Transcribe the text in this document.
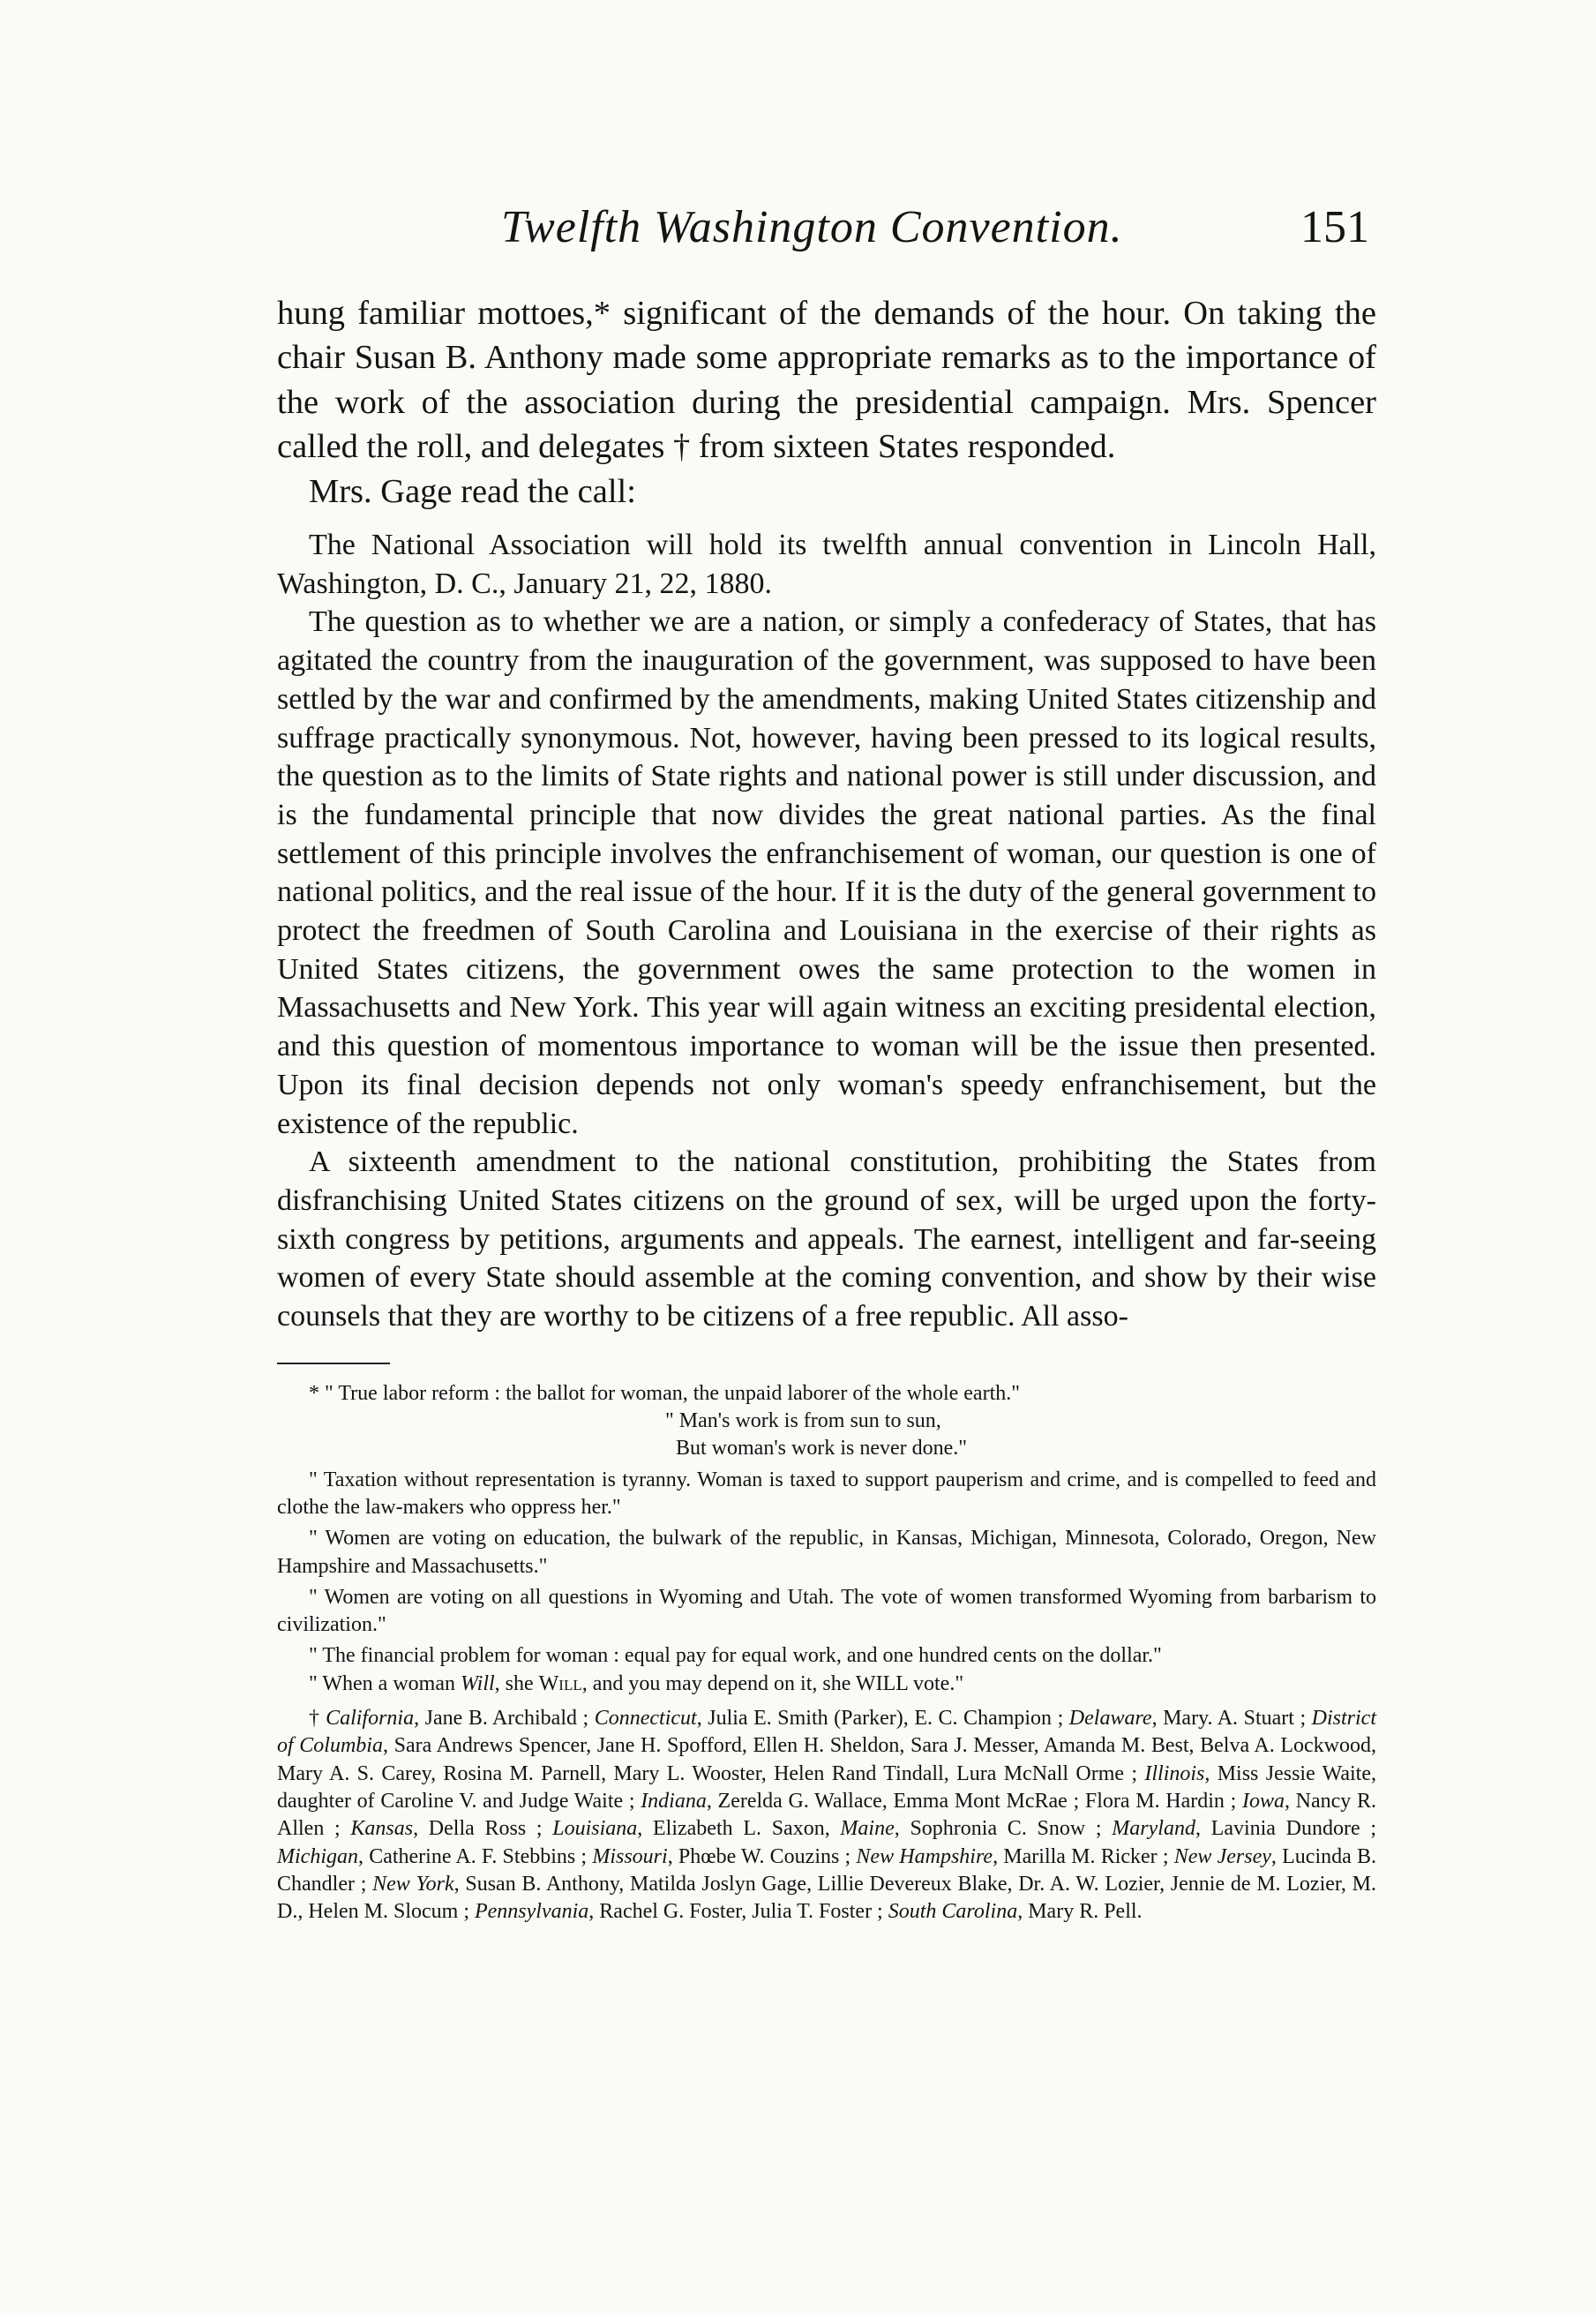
Twelfth Washington Convention.	151

hung familiar mottoes,* significant of the demands of the hour. On taking the chair Susan B. Anthony made some appropriate remarks as to the importance of the work of the association during the presidential campaign. Mrs. Spencer called the roll, and delegates † from sixteen States responded.

Mrs. Gage read the call:

The National Association will hold its twelfth annual convention in Lincoln Hall, Washington, D. C., January 21, 22, 1880.

The question as to whether we are a nation, or simply a confederacy of States, that has agitated the country from the inauguration of the government, was supposed to have been settled by the war and confirmed by the amendments, making United States citizenship and suffrage practically synonymous. Not, however, having been pressed to its logical results, the question as to the limits of State rights and national power is still under discussion, and is the fundamental principle that now divides the great national parties. As the final settlement of this principle involves the enfranchisement of woman, our question is one of national politics, and the real issue of the hour. If it is the duty of the general government to protect the freedmen of South Carolina and Louisiana in the exercise of their rights as United States citizens, the government owes the same protection to the women in Massachusetts and New York. This year will again witness an exciting presidental election, and this question of momentous importance to woman will be the issue then presented. Upon its final decision depends not only woman's speedy enfranchisement, but the existence of the republic.

A sixteenth amendment to the national constitution, prohibiting the States from disfranchising United States citizens on the ground of sex, will be urged upon the forty-sixth congress by petitions, arguments and appeals. The earnest, intelligent and far-seeing women of every State should assemble at the coming convention, and show by their wise counsels that they are worthy to be citizens of a free republic. All asso-

* " True labor reform : the ballot for woman, the unpaid laborer of the whole earth."

" Man's work is from sun to sun,

But woman's work is never done."

" Taxation without representation is tyranny. Woman is taxed to support pauperism and crime, and is compelled to feed and clothe the law-makers who oppress her."

" Women are voting on education, the bulwark of the republic, in Kansas, Michigan, Minnesota, Colorado, Oregon, New Hampshire and Massachusetts."

" Women are voting on all questions in Wyoming and Utah. The vote of women transformed Wyoming from barbarism to civilization."

" The financial problem for woman : equal pay for equal work, and one hundred cents on the dollar."

" When a woman Will, she Will, and you may depend on it, she WILL vote."

† California, Jane B. Archibald ; Connecticut, Julia E. Smith (Parker), E. C. Champion ; Delaware, Mary. A. Stuart ; District of Columbia, Sara Andrews Spencer, Jane H. Spofford, Ellen H. Sheldon, Sara J. Messer, Amanda M. Best, Belva A. Lockwood, Mary A. S. Carey, Rosina M. Parnell, Mary L. Wooster, Helen Rand Tindall, Lura McNall Orme ; Illinois, Miss Jessie Waite, daughter of Caroline V. and Judge Waite ; Indiana, Zerelda G. Wallace, Emma Mont McRae ; Flora M. Hardin ; Iowa, Nancy R. Allen ; Kansas, Della Ross ; Louisiana, Elizabeth L. Saxon, Maine, Sophronia C. Snow ; Maryland, Lavinia Dundore ; Michigan, Catherine A. F. Stebbins ; Missouri, Phœbe W. Couzins ; New Hampshire, Marilla M. Ricker ; New Jersey, Lucinda B. Chandler ; New York, Susan B. Anthony, Matilda Joslyn Gage, Lillie Devereux Blake, Dr. A. W. Lozier, Jennie de M. Lozier, M. D., Helen M. Slocum ; Pennsylvania, Rachel G. Foster, Julia T. Foster ; South Carolina, Mary R. Pell.
